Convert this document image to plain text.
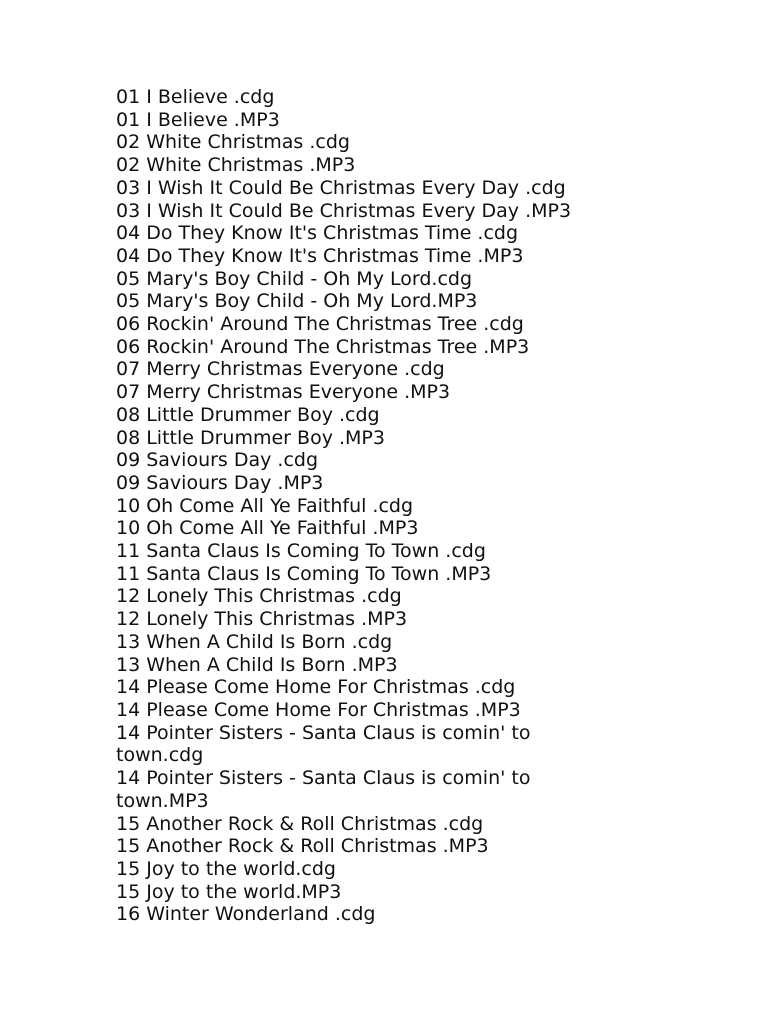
01 I Believe .cdg
01 I Believe .MP3
02 White Christmas .cdg
02 White Christmas .MP3
03 I Wish It Could Be Christmas Every Day .cdg
03 I Wish It Could Be Christmas Every Day .MP3
04 Do They Know It's Christmas Time .cdg
04 Do They Know It's Christmas Time .MP3
05 Mary's Boy Child - Oh My Lord.cdg
05 Mary's Boy Child - Oh My Lord.MP3
06 Rockin' Around The Christmas Tree .cdg
06 Rockin' Around The Christmas Tree .MP3
07 Merry Christmas Everyone .cdg
07 Merry Christmas Everyone .MP3
08 Little Drummer Boy .cdg
08 Little Drummer Boy .MP3
09 Saviours Day .cdg
09 Saviours Day .MP3
10 Oh Come All Ye Faithful .cdg
10 Oh Come All Ye Faithful .MP3
11 Santa Claus Is Coming To Town .cdg
11 Santa Claus Is Coming To Town .MP3
12 Lonely This Christmas .cdg
12 Lonely This Christmas .MP3
13 When A Child Is Born .cdg
13 When A Child Is Born .MP3
14 Please Come Home For Christmas .cdg
14 Please Come Home For Christmas .MP3
14 Pointer Sisters - Santa Claus is comin' to town.cdg
14 Pointer Sisters - Santa Claus is comin' to town.MP3
15 Another Rock & Roll Christmas .cdg
15 Another Rock & Roll Christmas .MP3
15 Joy to the world.cdg
15 Joy to the world.MP3
16 Winter Wonderland .cdg
